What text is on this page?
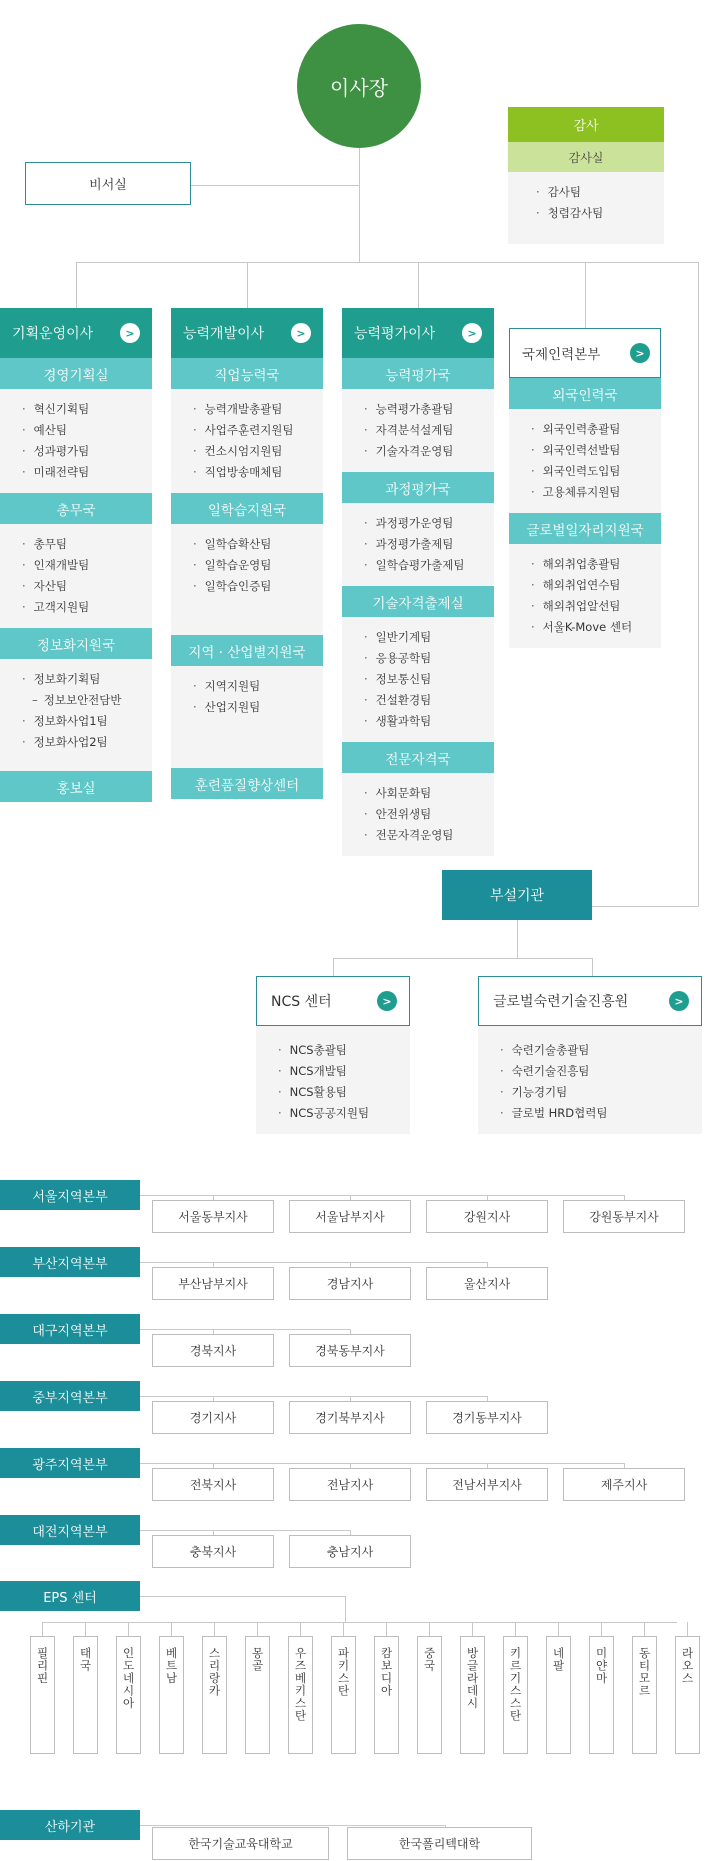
이사장
비서실
감사
감사실
· 감사팀
· 청렴감사팀
기획운영이사	>
경영기획실
· 혁신기획팀
· 예산팀
· 성과평가팀
· 미래전략팀
총무국
· 총무팀
· 인재개발팀
· 자산팀
· 고객지원팀
정보화지원국
· 정보화기획팀
– 정보보안전담반
· 정보화사업1팀
· 정보화사업2팀
홍보실
능력개발이사	>
직업능력국
· 능력개발총괄팀
· 사업주훈련지원팀
· 컨소시엄지원팀
· 직업방송매체팀
일학습지원국
· 일학습확산팀
· 일학습운영팀
· 일학습인증팀
지역 · 산업별지원국
· 지역지원팀
· 산업지원팀
훈련품질향상센터
능력평가이사	>
능력평가국
· 능력평가총괄팀
· 자격분석설계팀
· 기술자격운영팀
과정평가국
· 과정평가운영팀
· 과정평가출제팀
· 일학습평가출제팀
기술자격출제실
· 일반기계팀
· 응용공학팀
· 정보통신팀
· 건설환경팀
· 생활과학팀
전문자격국
· 사회문화팀
· 안전위생팀
· 전문자격운영팀
국제인력본부	>
외국인력국
· 외국인력총괄팀
· 외국인력선발팀
· 외국인력도입팀
· 고용체류지원팀
글로벌일자리지원국
· 해외취업총괄팀
· 해외취업연수팀
· 해외취업알선팀
· 서울K-Move 센터
부설기관
NCS 센터	>
· NCS총괄팀
· NCS개발팀
· NCS활용팀
· NCS공공지원팀
글로벌숙련기술진흥원	>
· 숙련기술총괄팀
· 숙련기술진흥팀
· 기능경기팀
· 글로벌 HRD협력팀
서울지역본부
서울동부지사	서울남부지사	강원지사	강원동부지사
부산지역본부
부산남부지사	경남지사	울산지사
대구지역본부
경북지사	경북동부지사
중부지역본부
경기지사	경기북부지사	경기동부지사
광주지역본부
전북지사	전남지사	전남서부지사	제주지사
대전지역본부
충북지사	충남지사
EPS 센터
필리핀	태국	인도네시아	베트남	스리랑카	몽골	우즈베키스탄	파키스탄	캄보디아	중국	방글라데시	키르기스스탄	네팔	미얀마	동티모르	라오스
산하기관
한국기술교육대학교	한국폴리텍대학
